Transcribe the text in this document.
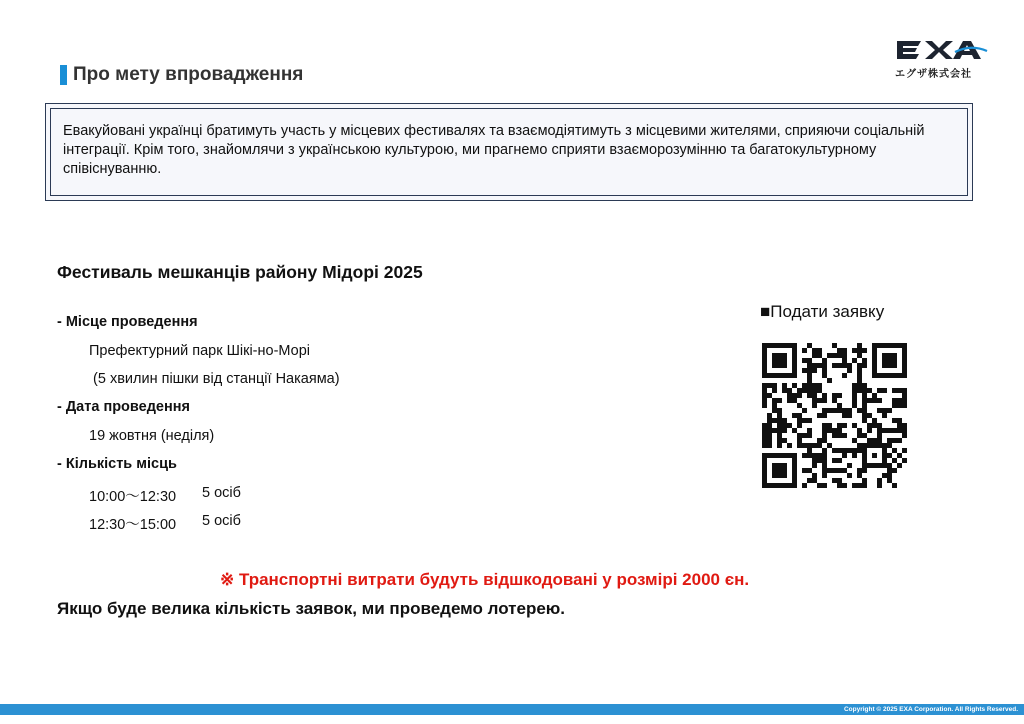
エグザ株式会社
Про мету впровадження

Евакуйовані українці братимуть участь у місцевих фестивалях та взаємодіятимуть з місцевими жителями, сприяючи соціальній інтеграції. Крім того, знайомлячи з українською культурою, ми прагнемо сприяти взаєморозумінню та багатокультурному співіснуванню.

Фестиваль мешканців району Мідорі 2025

- Місце проведення

Префектурний парк Шікі-но-Морі

(5 хвилин пішки від станції Накаяма)

- Дата проведення

19 жовтня (неділя)

- Кількість місць

10:00～12:30 5 осіб
12:30～15:00 5 осіб

■Подати заявку

※ Транспортні витрати будуть відшкодовані у розмірі 2000 єн.

Якщо буде велика кількість заявок, ми проведемо лотерею.

Copyright © 2025 EXA Corporation. All Rights Reserved.
